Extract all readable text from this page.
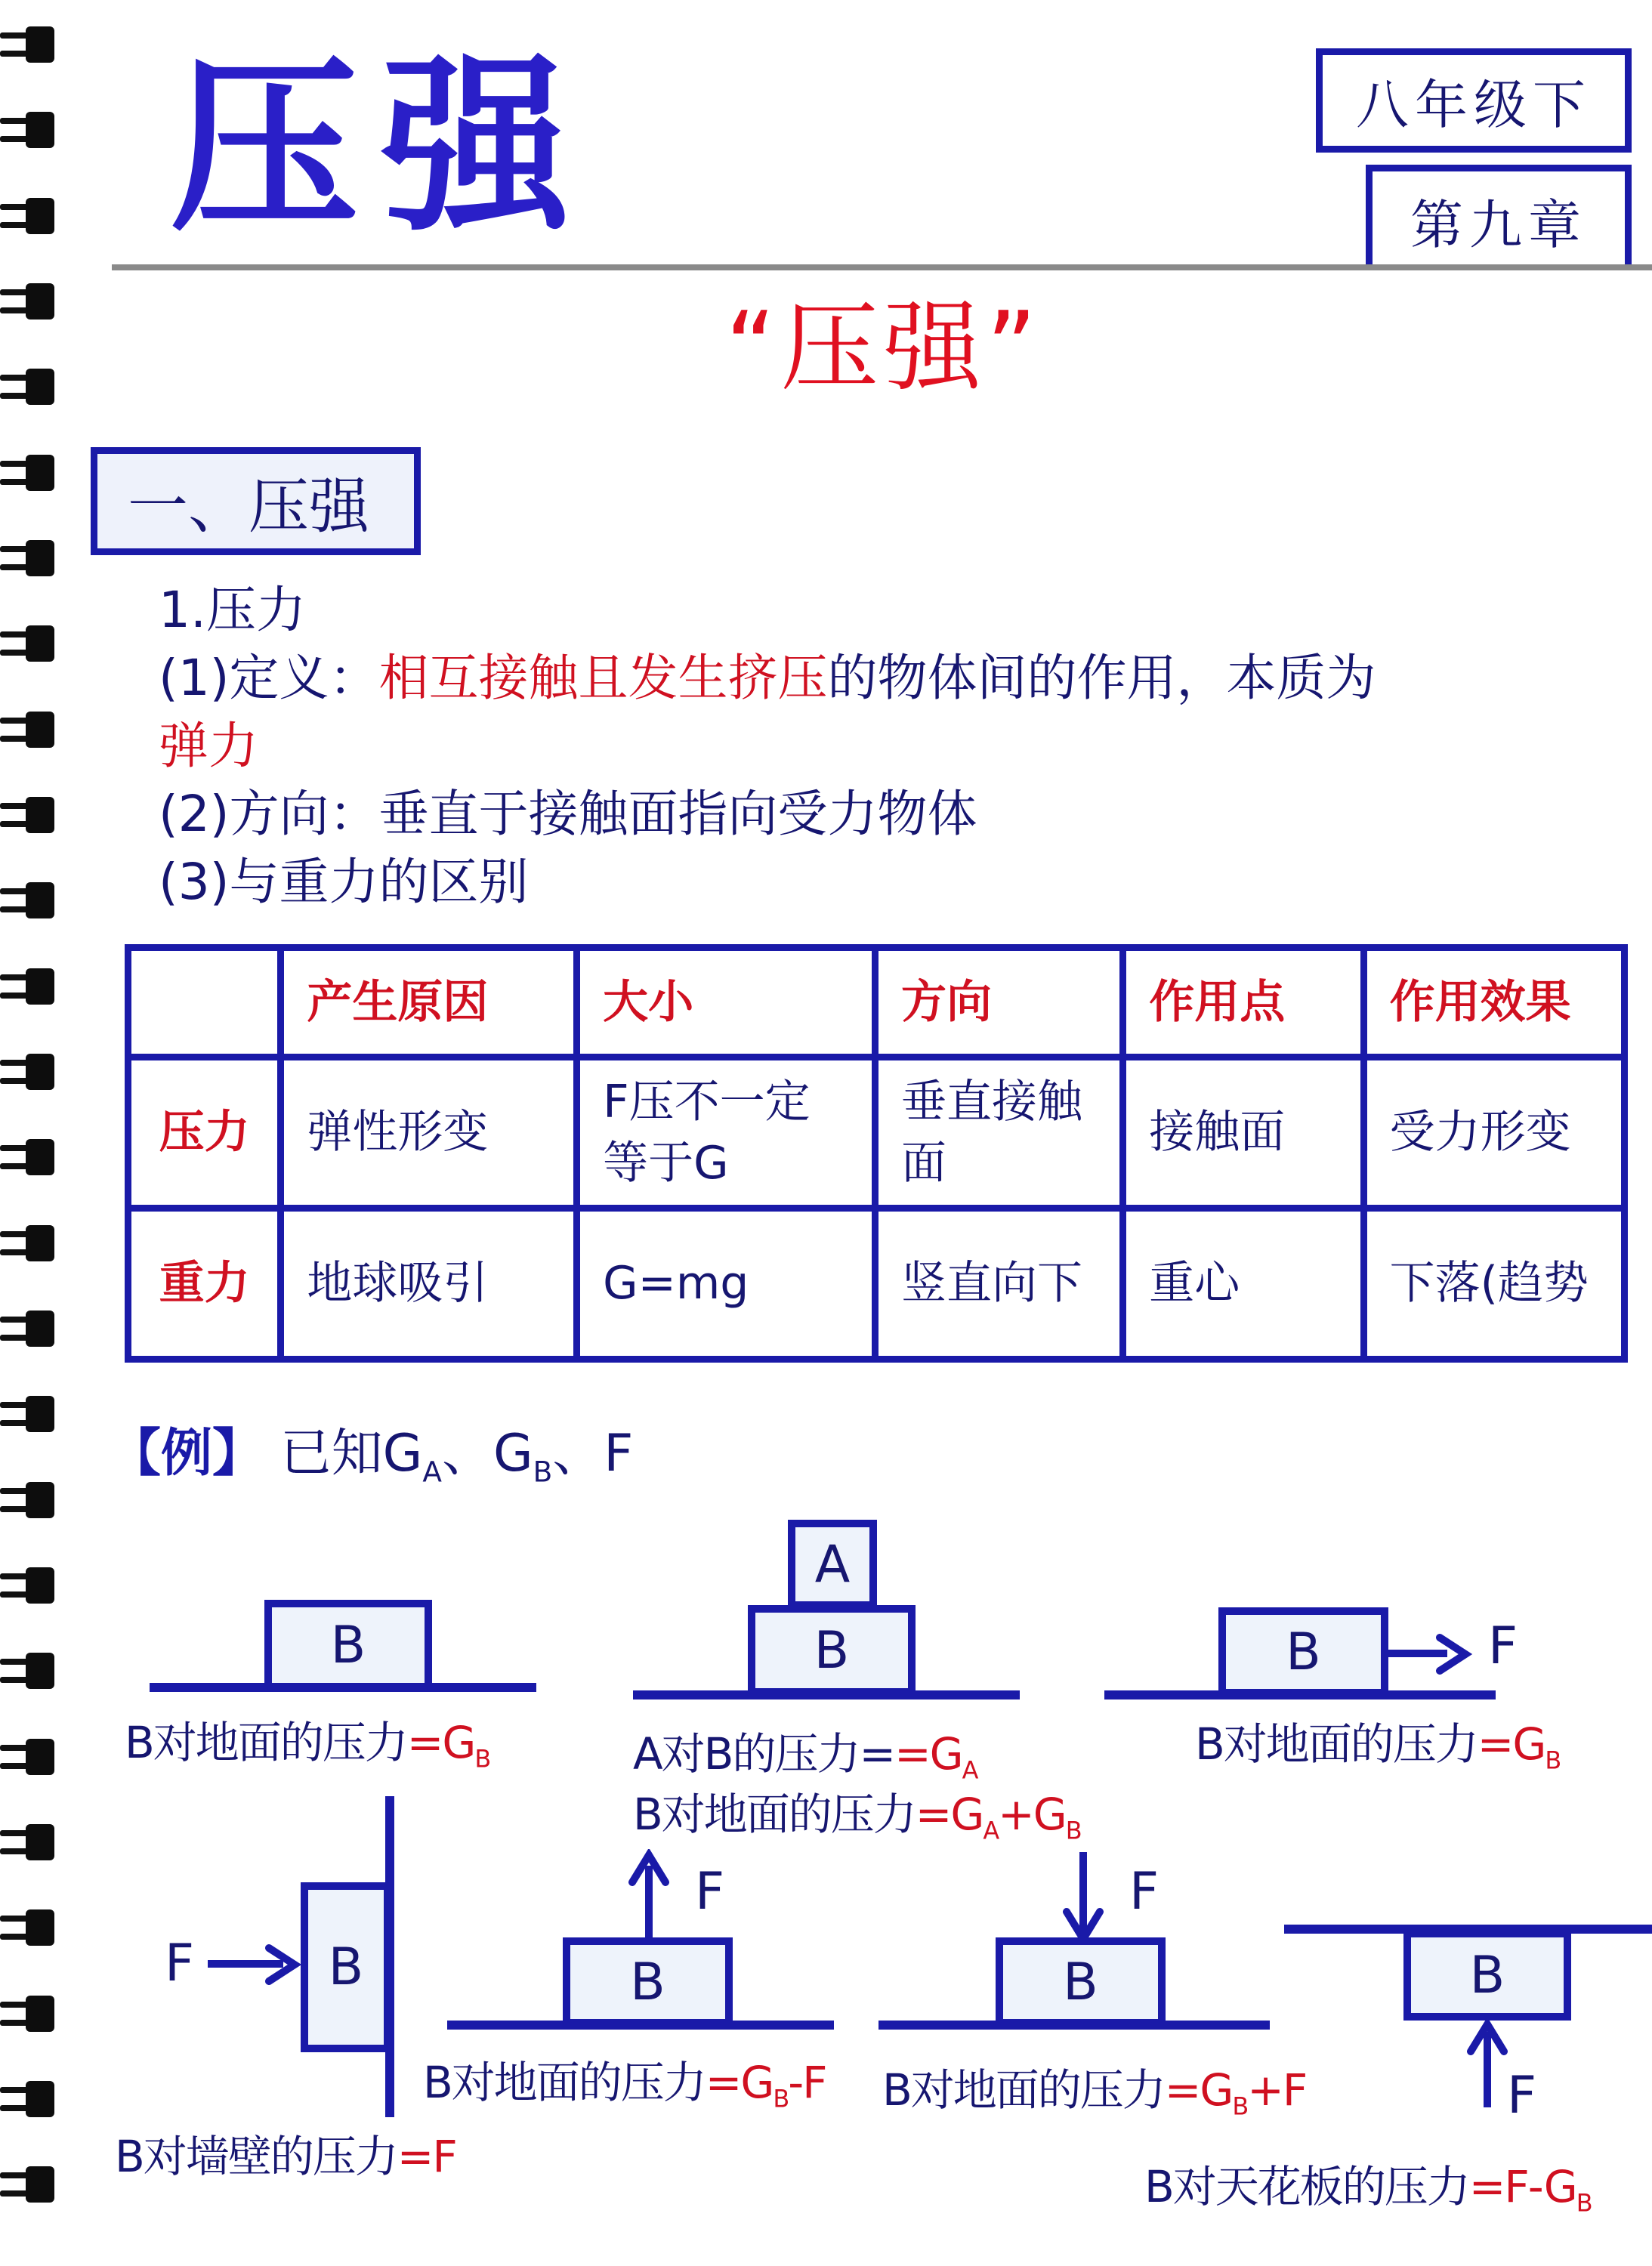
压强	八年级下
第九章
“压强”
一、压强
1.压力
(1)定义：相互接触且发生挤压的物体间的作用，本质为
弹力
(2)方向：垂直于接触面指向受力物体
(3)与重力的区别
	产生原因	大小	方向	作用点	作用效果
压力	弹性形变	F压不一定等于G	垂直接触面	接触面	受力形变
重力	地球吸引	G=mg	竖直向下	重心	下落(趋势
【例】 已知$G_A$、$G_B$、F
B
B对地面的压力$=G_B$
A
B
A对B的压力$==G_A$
B对地面的压力$=G_A+G_B$
B	F
B对地面的压力$=G_B$
B
F
B对墙壁的压力=F
F
B
B对地面的压力$=G_B-F$
F
B
B对地面的压力$=G_B+F$
B
F
B对天花板的压力$=F-G_B$
